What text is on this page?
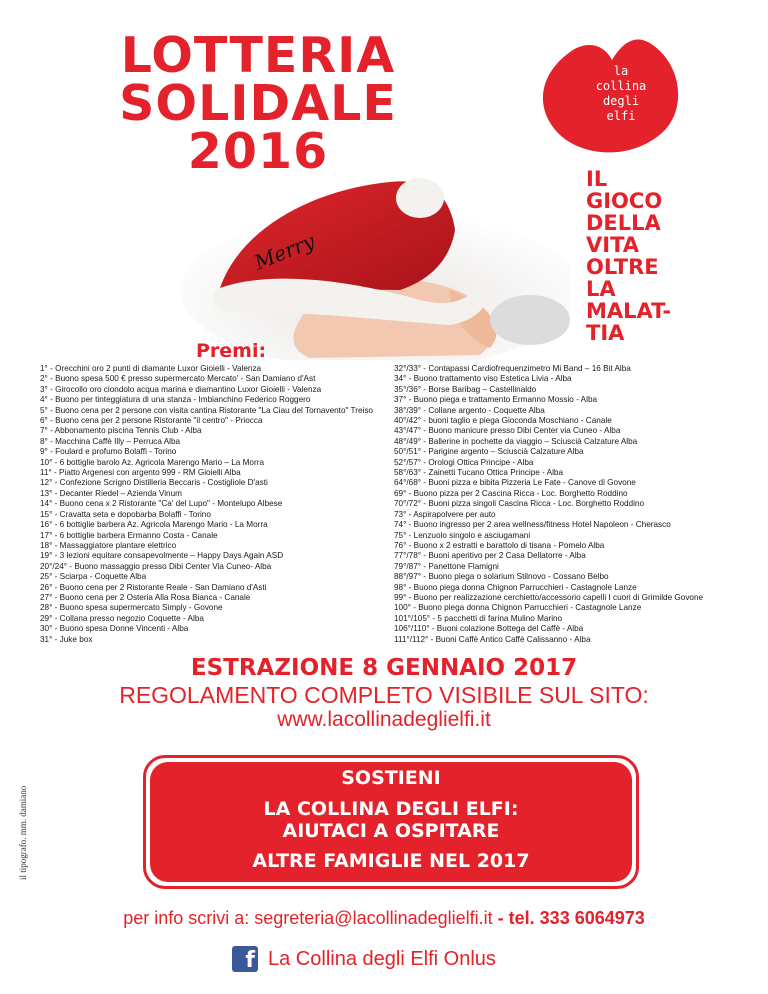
LOTTERIA
SOLIDALE
2016
la
collina
degli
elfi
IL
GIOCO
DELLA
VITA
OLTRE
LA
MALAT-
TIA
Merry
Premi:
1° - Orecchini oro 2 punti di diamante Luxor Gioielli - Valenza
2° - Buono spesa 500 € presso supermercato Mercato' - San Damiano d'Ast
3° - Girocollo oro ciondolo acqua marina e diamantino Luxor Gioielli - Valenza
4° - Buono per tinteggiatura di una stanza - Imbianchino Federico Roggero
5° - Buono cena per 2 persone con visita cantina Ristorante "La Ciau del Tornavento" Treiso
6° - Buono cena per 2 persone Ristorante "il centro" - Priocca
7° - Abbonamento piscina Tennis Club - Alba
8° - Macchina Caffè Illy – Perruca Alba
9° - Foulard e profumo Bolaffi - Torino
10° - 6 bottiglie barolo Az. Agricola Marengo Mario – La Morra
11° - Piatto Argenesi con argento 999 - RM Gioielli Alba
12° - Confezione Scrigno Distilleria Beccaris - Costigliole D'asti
13° - Decanter Riedel – Azienda Vinum
14° - Buono cena x 2 Ristorante "Ca' del Lupo" - Montelupo Albese
15° - Cravatta seta e dopobarba Bolaffi - Torino
16° - 6 bottiglie barbera Az. Agricola Marengo Mario - La Morra
17° - 6 bottiglie barbera Ermanno Costa - Canale
18° - Massaggiatore plantare elettrico
19° - 3 lezioni equitare consapevolmente – Happy Days Again ASD
20°/24° - Buono massaggio presso Dibi Center Via Cuneo- Alba
25° - Sciarpa - Coquette Alba
26° - Buono cena per 2 Ristorante Reale - San Damiano d'Asti
27° - Buono cena per 2 Osteria Alla Rosa Bianca - Canale
28° - Buono spesa supermercato Simply - Govone
29° - Collana presso negozio Coquette - Alba
30° - Buono spesa Donne Vincenti - Alba
31° - Juke box
32°/33° - Contapassi Cardiofrequenzimetro Mi Band – 16 Bit Alba
34° - Buono trattamento viso Estetica Livia - Alba
35°/36° - Borse Baribag – Castellinaldo
37° - Buono piega e trattamento Ermanno Mossio - Alba
38°/39° - Collane argento - Coquette Alba
40°/42° - buoni taglio e piega Gioconda Moschiano - Canale
43°/47° - Buono manicure presso Dibi Center via Cuneo - Alba
48°/49° - Ballerine in pochette da viaggio – Sciuscià Calzature Alba
50°/51° - Parigine argento – Sciuscià Calzature Alba
52°/57° - Orologi Ottica Principe - Alba
58°/63° - Zainetti Tucano Ottica Principe - Alba
64°/68° - Buoni pizza e bibita Pizzeria Le Fate - Canove di Govone
69° - Buono pizza per 2 Cascina Ricca - Loc. Borghetto Roddino
70°/72° - Buoni pizza singoli Cascina Ricca - Loc. Borghetto Roddino
73° - Aspirapolvere per auto
74° - Buono ingresso per 2 area wellness/fitness Hotel Napoleon - Cherasco
75° - Lenzuolo singolo e asciugamani
76° - Buono x 2 estratti e barattolo di tisana - Pomelo Alba
77°/78° - Buoni aperitivo per 2 Casa Dellatorre - Alba
79°/87° - Panettone Flamigni
88°/97° - Buono piega o solarium Stilnovo - Cossano Belbo
98° - Buono piega donna Chignon Parrucchieri - Castagnole Lanze
99° - Buono per realizzazione cerchietto/accessorio capelli I cuori di Grimilde Govone
100° - Buono piega donna Chignon Parrucchieri - Castagnole Lanze
101°/105° - 5 pacchetti di farina Mulino Marino
106°/110° - Buoni colazione Bottega del Caffè - Alba
111°/112° - Buoni Caffè Antico Caffè Calissanno - Alba
ESTRAZIONE 8 GENNAIO 2017
REGOLAMENTO COMPLETO VISIBILE SUL SITO:
www.lacollinadeglielfi.it
il tipografo. mm. damiano
SOSTIENI
LA COLLINA DEGLI ELFI:
AIUTACI A OSPITARE
ALTRE FAMIGLIE NEL 2017
per info scrivi a: segreteria@lacollinadeglielfi.it - tel. 333 6064973
f La Collina degli Elfi Onlus
